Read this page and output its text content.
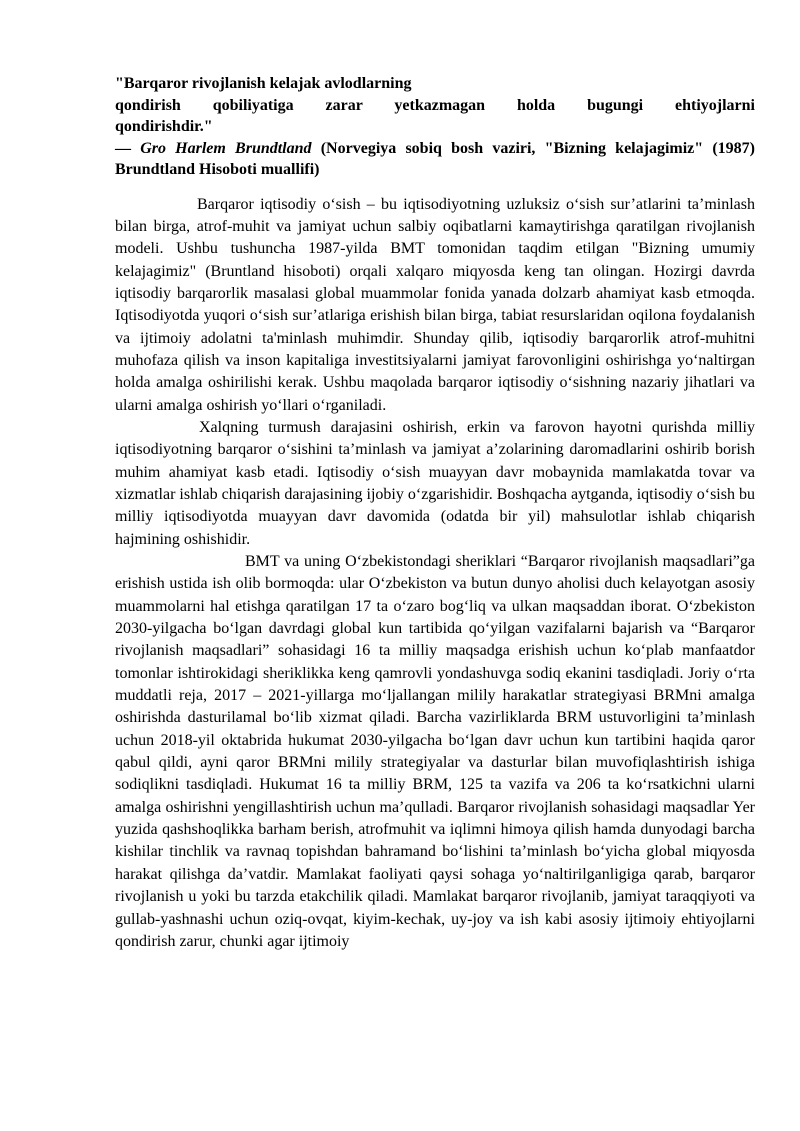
"Barqaror rivojlanish kelajak avlodlarning
qondirish qobiliyatiga zarar yetkazmagan holda bugungi ehtiyojlarni
qondirishdir."
— Gro Harlem Brundtland (Norvegiya sobiq bosh vaziri, "Bizning kelajagimiz" (1987) Brundtland Hisoboti muallifi)

Barqaror iqtisodiy o‘sish – bu iqtisodiyotning uzluksiz o‘sish sur’atlarini ta’minlash bilan birga, atrof-muhit va jamiyat uchun salbiy oqibatlarni kamaytirishga qaratilgan rivojlanish modeli. Ushbu tushuncha 1987-yilda BMT tomonidan taqdim etilgan "Bizning umumiy kelajagimiz" (Bruntland hisoboti) orqali xalqaro miqyosda keng tan olingan. Hozirgi davrda iqtisodiy barqarorlik masalasi global muammolar fonida yanada dolzarb ahamiyat kasb etmoqda. Iqtisodiyotda yuqori o‘sish sur’atlariga erishish bilan birga, tabiat resurslaridan oqilona foydalanish va ijtimoiy adolatni ta'minlash muhimdir. Shunday qilib, iqtisodiy barqarorlik atrof-muhitni muhofaza qilish va inson kapitaliga investitsiyalarni jamiyat farovonligini oshirishga yo‘naltirgan holda amalga oshirilishi kerak. Ushbu maqolada barqaror iqtisodiy o‘sishning nazariy jihatlari va ularni amalga oshirish yo‘llari o‘rganiladi.

Xalqning turmush darajasini oshirish, erkin va farovon hayotni qurishda milliy iqtisodiyotning barqaror o‘sishini ta’minlash va jamiyat a’zolarining daromadlarini oshirib borish muhim ahamiyat kasb etadi. Iqtisodiy o‘sish muayyan davr mobaynida mamlakatda tovar va xizmatlar ishlab chiqarish darajasining ijobiy o‘zgarishidir. Boshqacha aytganda, iqtisodiy o‘sish bu milliy iqtisodiyotda muayyan davr davomida (odatda bir yil) mahsulotlar ishlab chiqarish hajmining oshishidir.

BMT va uning O‘zbekistondagi sheriklari “Barqaror rivojlanish maqsadlari”ga erishish ustida ish olib bormoqda: ular O‘zbekiston va butun dunyo aholisi duch kelayotgan asosiy muammolarni hal etishga qaratilgan 17 ta o‘zaro bog‘liq va ulkan maqsaddan iborat. O‘zbekiston 2030-yilgacha bo‘lgan davrdagi global kun tartibida qo‘yilgan vazifalarni bajarish va “Barqaror rivojlanish maqsadlari” sohasidagi 16 ta milliy maqsadga erishish uchun ko‘plab manfaatdor tomonlar ishtirokidagi sheriklikka keng qamrovli yondashuvga sodiq ekanini tasdiqladi. Joriy o‘rta muddatli reja, 2017 – 2021-yillarga mo‘ljallangan milily harakatlar strategiyasi BRMni amalga oshirishda dasturilamal bo‘lib xizmat qiladi. Barcha vazirliklarda BRM ustuvorligini ta’minlash uchun 2018-yil oktabrida hukumat 2030-yilgacha bo‘lgan davr uchun kun tartibini haqida qaror qabul qildi, ayni qaror BRMni milily strategiyalar va dasturlar bilan muvofiqlashtirish ishiga sodiqlikni tasdiqladi. Hukumat 16 ta milliy BRM, 125 ta vazifa va 206 ta ko‘rsatkichni ularni amalga oshirishni yengillashtirish uchun ma’qulladi. Barqaror rivojlanish sohasidagi maqsadlar Yer yuzida qashshoqlikka barham berish, atrofmuhit va iqlimni himoya qilish hamda dunyodagi barcha kishilar tinchlik va ravnaq topishdan bahramand bo‘lishini ta’minlash bo‘yicha global miqyosda harakat qilishga da’vatdir. Mamlakat faoliyati qaysi sohaga yo‘naltirilganligiga qarab, barqaror rivojlanish u yoki bu tarzda etakchilik qiladi. Mamlakat barqaror rivojlanib, jamiyat taraqqiyoti va gullab-yashnashi uchun oziq-ovqat, kiyim-kechak, uy-joy va ish kabi asosiy ijtimoiy ehtiyojlarni qondirish zarur, chunki agar ijtimoiy
